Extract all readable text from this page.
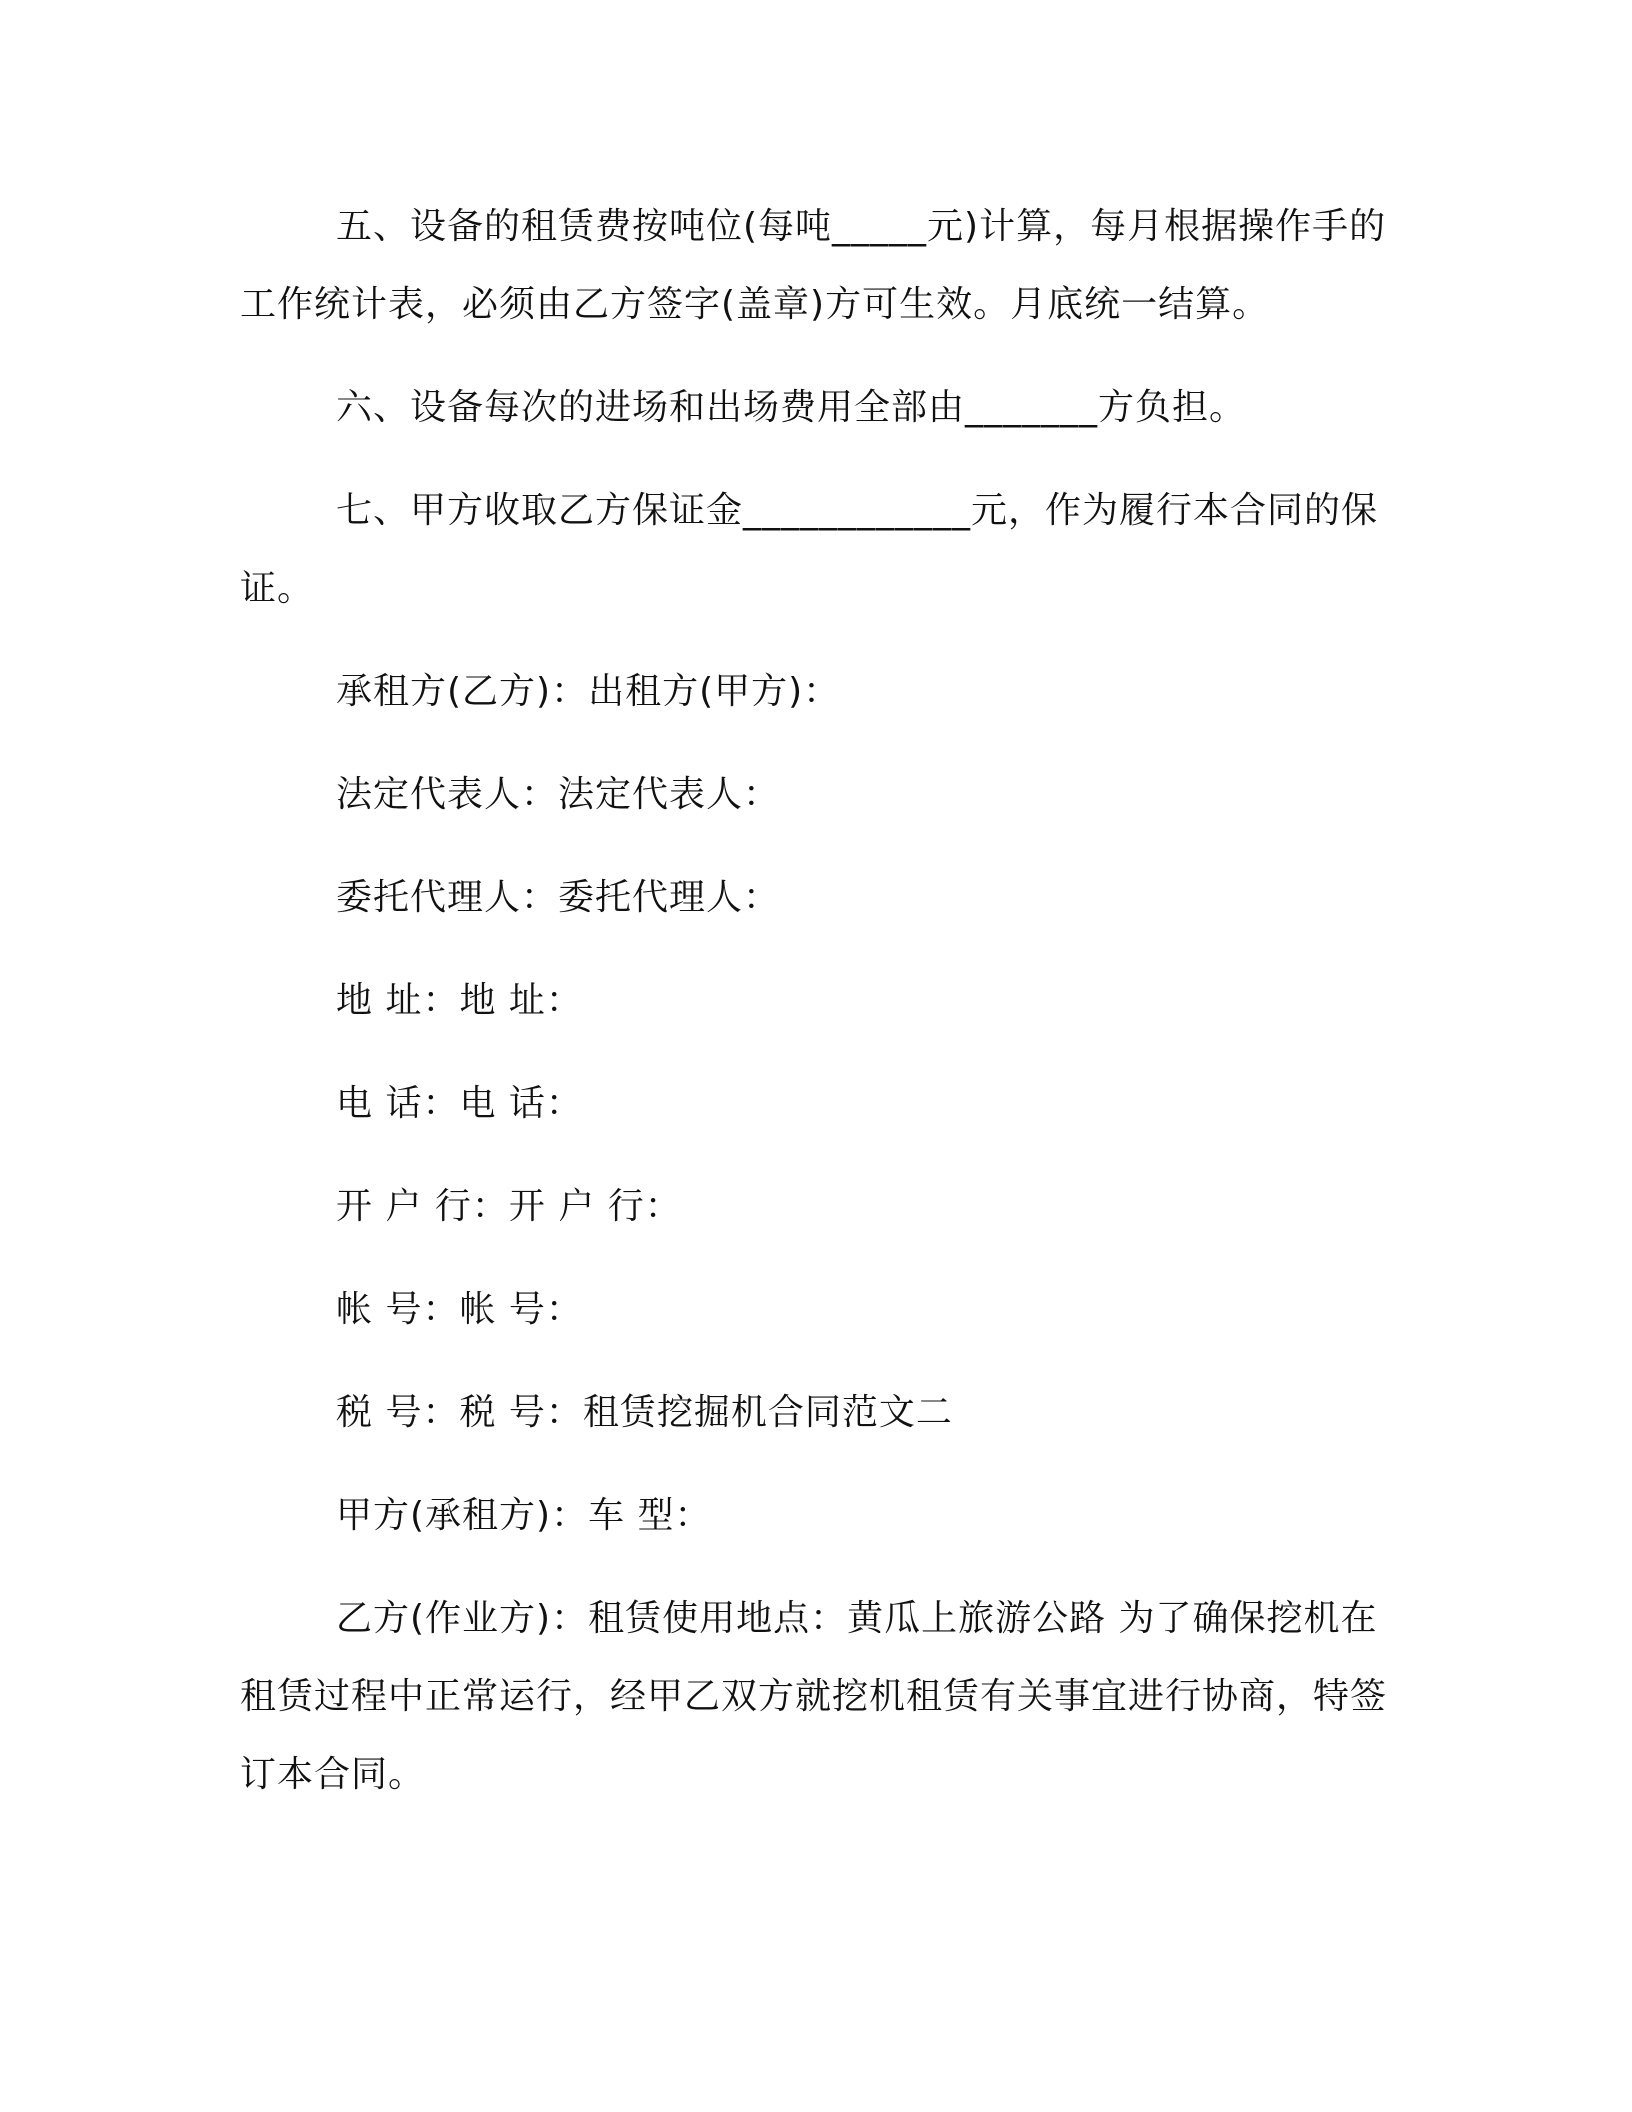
五、设备的租赁费按吨位(每吨_____元)计算，每月根据操作手的工作统计表，必须由乙方签字(盖章)方可生效。月底统一结算。

六、设备每次的进场和出场费用全部由_______方负担。

七、甲方收取乙方保证金____________元，作为履行本合同的保证。

承租方(乙方)：出租方(甲方)：

法定代表人：法定代表人：

委托代理人：委托代理人：

地 址：地 址：

电 话：电 话：

开 户 行：开 户 行：

帐 号：帐 号：

税 号：税 号：租赁挖掘机合同范文二

甲方(承租方)：车 型：

乙方(作业方)：租赁使用地点：黄瓜上旅游公路 为了确保挖机在租赁过程中正常运行，经甲乙双方就挖机租赁有关事宜进行协商，特签订本合同。
